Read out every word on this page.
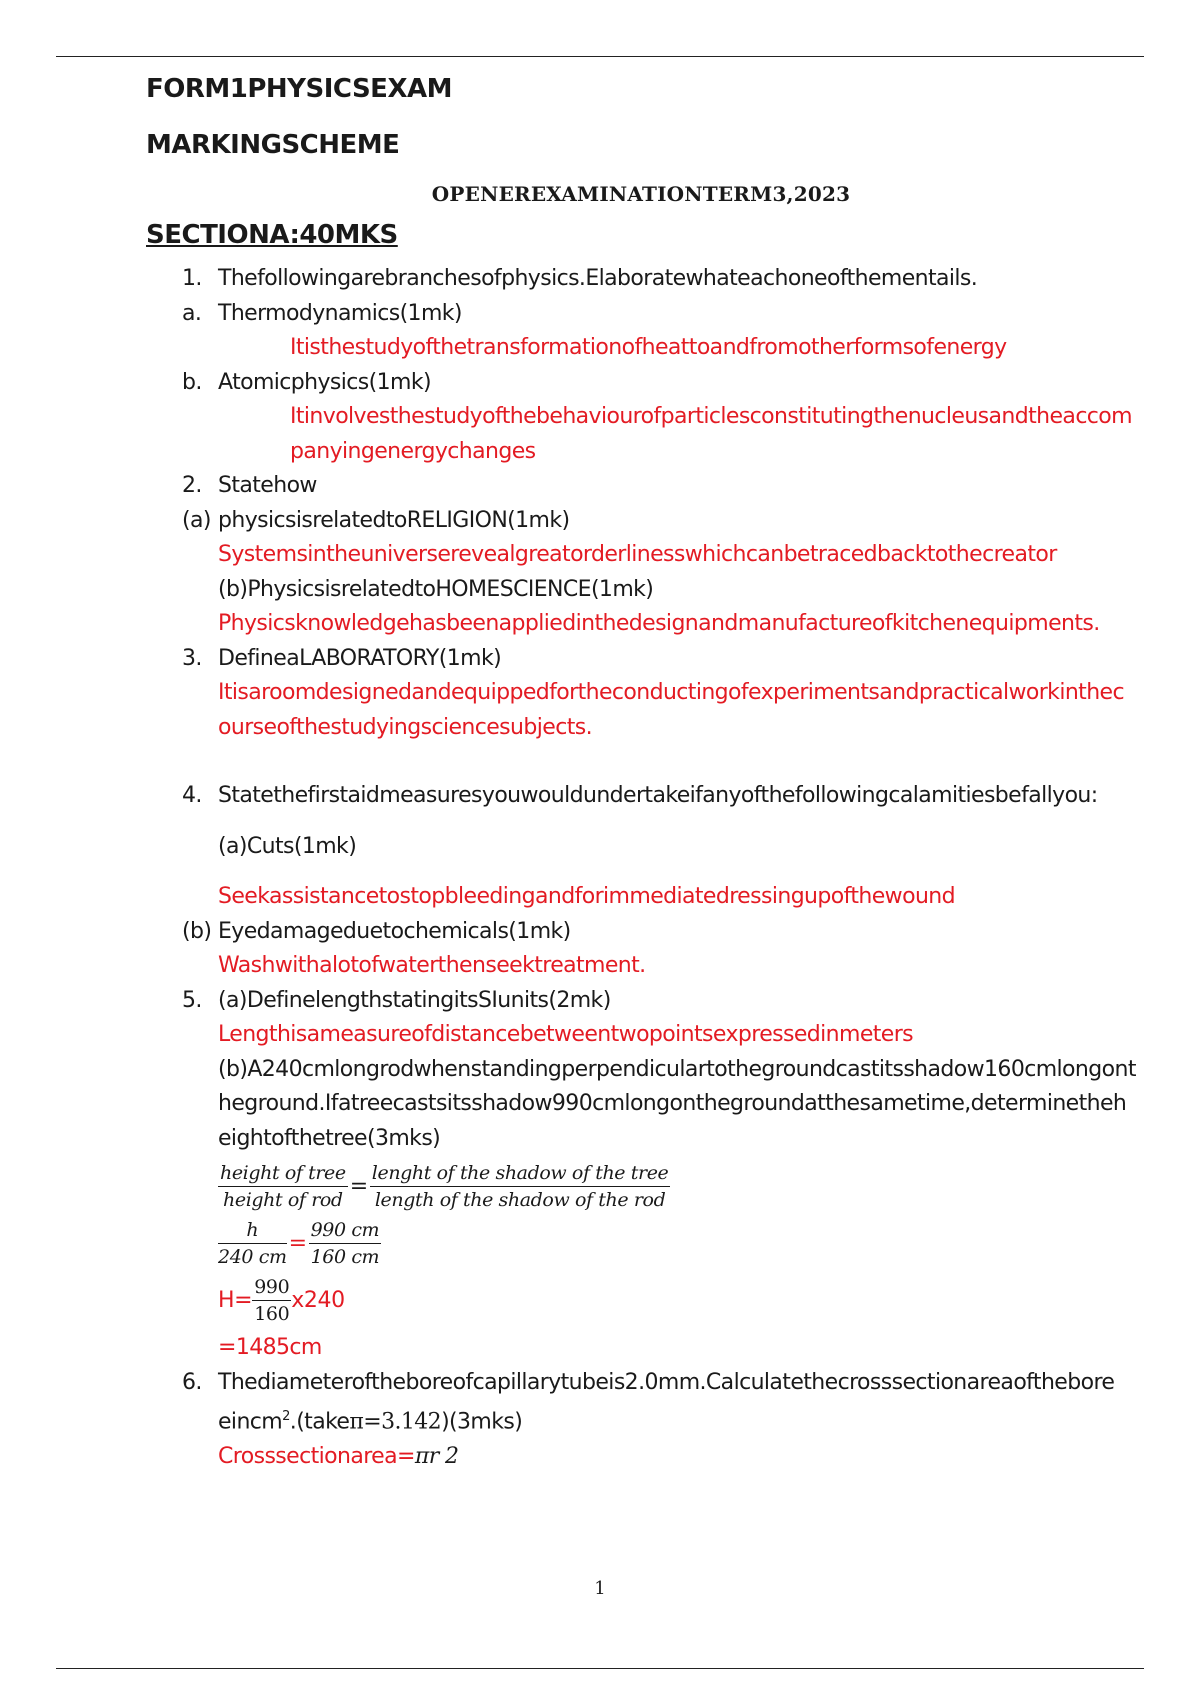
FORM1PHYSICSEXAM

MARKINGSCHEME

OPENEREXAMINATIONTERM3,2023

SECTIONA:40MKS

1. Thefollowingarebranchesofphysics.Elaboratewhateachoneofthementails.
a. Thermodynamics(1mk)
Itisthestudyofthetransformationofheattoandfromotherformsofenergy
b. Atomicphysics(1mk)
Itinvolvesthestudyofthebehaviourofparticlesconstitutingthenucleusandtheaccompanyingenergychanges
2. Statehow
(a) physicsisrelatedtoRELIGION(1mk)
Systemsintheuniverserevealgreatorderlinesswhichcanbetracedbacktothecreator
(b)PhysicsisrelatedtoHOMESCIENCE(1mk)
Physicsknowledgehasbeenappliedinthedesignandmanufactureofkitchenequipments.
3. DefineaLABORATORY(1mk)
Itisaroomdesignedandequippedfortheconductingofexperimentsandpracticalworkinthecourseofthestudyingsciencesubjects.
4. Statethefirstaidmeasuresyouwouldundertakeifanyofthefollowingcalamitiesbefallyou:
(a)Cuts(1mk)
Seekassistancetostopbleedingandforimmediatedressingupofthewound
(b) Eyedamageduetochemicals(1mk)
Washwithalotofwaterthenseektreatment.
5. (a)DefinelengthstatingitsSIunits(2mk)
Lengthisameasureofdistancebetweentwopointsexpressedinmeters
(b)A240cmlongrodwhenstandingperpendiculartothegroundcastitsshadow160cmlongontheground.Ifatreecastsitsshadow990cmlongonthegroundatthesametime,determinetheheightofthetree(3mks)
$\frac{\text{height of tree}}{\text{height of rod}} = \frac{\text{lenght of the shadow of the tree}}{\text{length of the shadow of the rod}}$
$\frac{h}{240 cm} = \frac{990 cm}{160 cm}$
$H= \frac{990}{160} x240$
=1485cm
6. Thediameteroftheboreofcapillarytubeis2.0mm.Calculatethecrosssectionareaofthebore
eincm$^2$.(takeπ=3.142)(3mks)
Crosssectionarea=πr 2
1
